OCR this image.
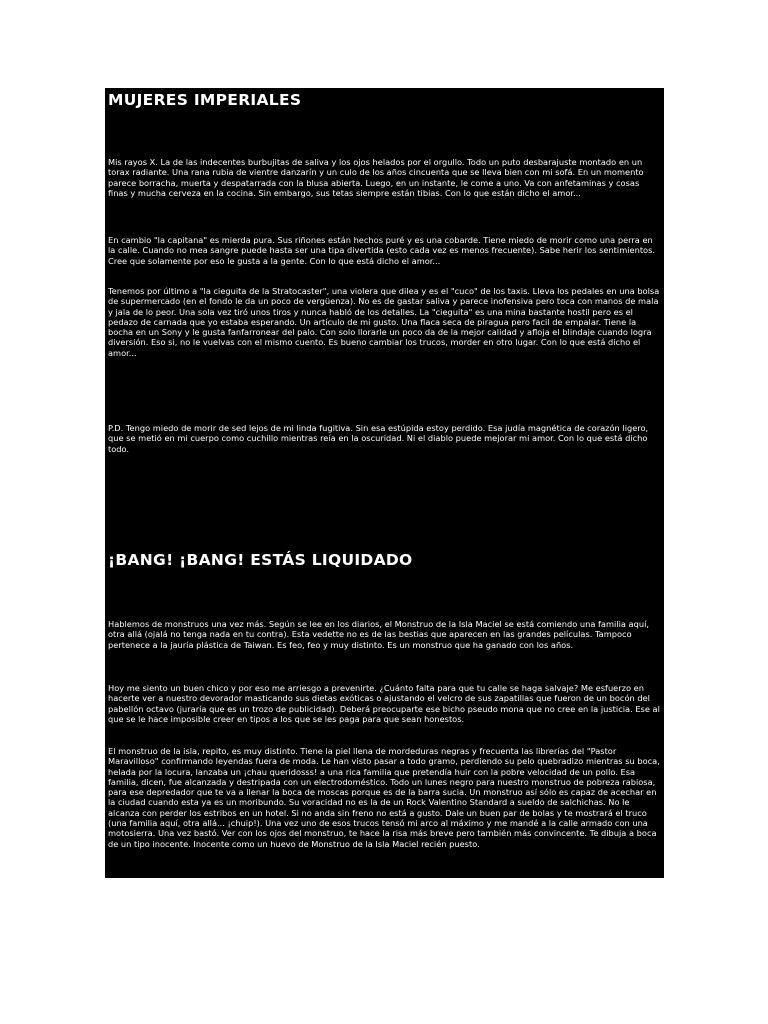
MUJERES IMPERIALES

Mis rayos X. La de las indecentes burbujitas de saliva y los ojos helados por el orgullo. Todo un puto desbarajuste montado en un torax radiante. Una rana rubia de vientre danzarín y un culo de los años cincuenta que se lleva bien con mi sofá. En un momento parece borracha, muerta y despatarrada con la blusa abierta. Luego, en un instante, le come a uno. Va con anfetaminas y cosas finas y mucha cerveza en la cocina. Sin embargo, sus tetas siempre están tibias. Con lo que están dicho el amor...

En cambio "la capitana" es mierda pura. Sus riñones están hechos puré y es una cobarde. Tiene miedo de morir como una perra en la calle. Cuando no mea sangre puede hasta ser una tipa divertida (esto cada vez es menos frecuente). Sabe herir los sentimientos. Cree que solamente por eso le gusta a la gente. Con lo que está dicho el amor...

Tenemos por último a "la cieguita de la Stratocaster", una violera que dilea y es el "cuco" de los taxis. Lleva los pedales en una bolsa de supermercado (en el fondo le da un poco de vergüenza). No es de gastar saliva y parece inofensiva pero toca con manos de mala y jala de lo peor. Una sola vez tiró unos tiros y nunca habló de los detalles. La "cieguita" es una mina bastante hostil pero es el pedazo de carnada que yo estaba esperando. Un artículo de mi gusto. Una flaca seca de piragua pero facil de empalar. Tiene la bocha en un Sony y le gusta fanfarronear del palo. Con solo llorarle un poco da de la mejor calidad y afloja el blindaje cuando logra diversión. Eso si, no le vuelvas con el mismo cuento. Es bueno cambiar los trucos, morder en otro lugar. Con lo que está dicho el amor...

P.D. Tengo miedo de morir de sed lejos de mi linda fugitiva. Sin esa estúpida estoy perdido. Esa judía magnética de corazón ligero, que se metió en mi cuerpo como cuchillo mientras reía en la oscuridad. Ni el diablo puede mejorar mi amor. Con lo que está dicho todo.

¡BANG! ¡BANG! ESTÁS LIQUIDADO

Hablemos de monstruos una vez más. Según se lee en los diarios, el Monstruo de la Isla Maciel se está comiendo una familia aquí, otra allá (ojalá no tenga nada en tu contra). Esta vedette no es de las bestias que aparecen en las grandes películas. Tampoco pertenece a la jauría plástica de Taiwan. Es feo, feo y muy distinto. Es un monstruo que ha ganado con los años.

Hoy me siento un buen chico y por eso me arriesgo a prevenirte. ¿Cuánto falta para que tu calle se haga salvaje? Me esfuerzo en hacerte ver a nuestro devorador masticando sus dietas exóticas o ajustando el velcro de sus zapatillas que fueron de un bocón del pabellón octavo (juraría que es un trozo de publicidad). Deberá preocuparte ese bicho pseudo mona que no cree en la justicia. Ese al que se le hace imposible creer en tipos a los que se les paga para que sean honestos.

El monstruo de la isla, repito, es muy distinto. Tiene la piel llena de mordeduras negras y frecuenta las librerías del "Pastor Maravilloso" confirmando leyendas fuera de moda. Le han visto pasar a todo gramo, perdiendo su pelo quebradizo mientras su boca, helada por la locura, lanzaba un ¡chau queridosss! a una rica familia que pretendía huir con la pobre velocidad de un pollo. Esa familia, dicen, fue alcanzada y destripada con un electrodoméstico. Todo un lunes negro para nuestro monstruo de pobreza rabiosa, para ese depredador que te va a llenar la boca de moscas porque es de la barra sucia. Un monstruo así sólo es capaz de acechar en la ciudad cuando esta ya es un moribundo. Su voracidad no es la de un Rock Valentino Standard a sueldo de salchichas. No le alcanza con perder los estribos en un hotel. Si no anda sin freno no está a gusto. Dale un buen par de bolas y te mostrará el truco (una familia aquí, otra allá... ¡chuip!). Una vez uno de esos trucos tensó mi arco al máximo y me mandé a la calle armado con una motosierra. Una vez bastó. Ver con los ojos del monstruo, te hace la risa más breve pero también más convincente. Te dibuja a boca de un tipo inocente. Inocente como un huevo de Monstruo de la Isla Maciel recién puesto.
